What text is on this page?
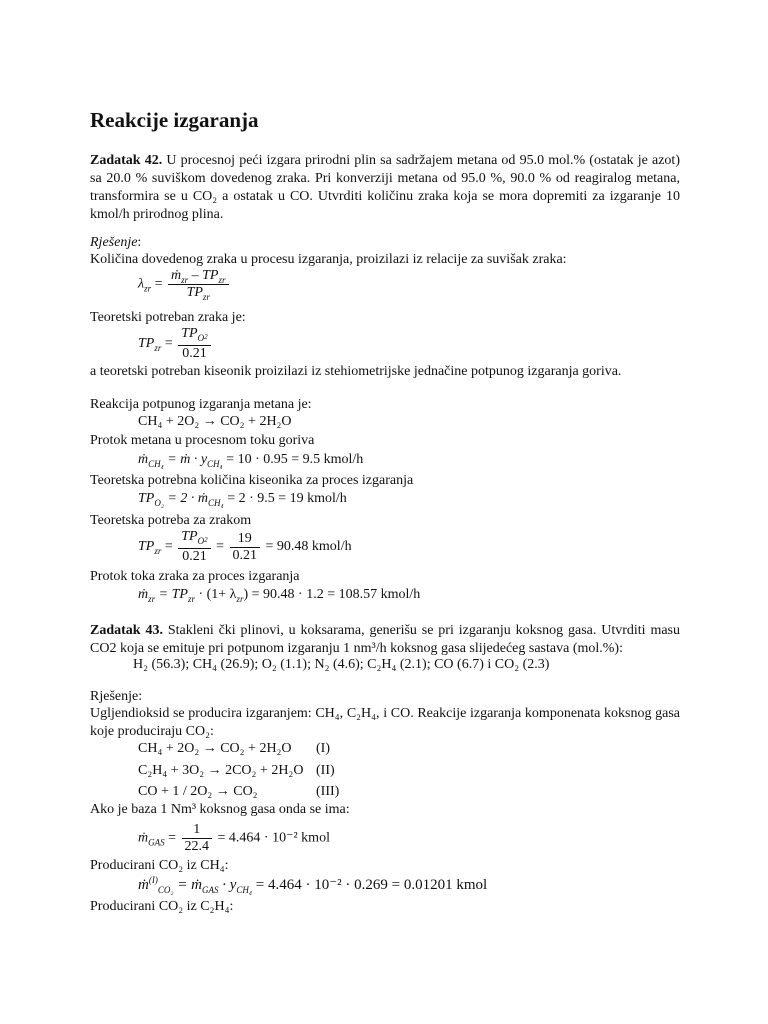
Reakcije izgaranja
Zadatak 42. U procesnoj peći izgara prirodni plin sa sadržajem metana od 95.0 mol.% (ostatak je azot) sa 20.0 % suviškom dovedenog zraka. Pri konverziji metana od 95.0 %, 90.0 % od reagiralog metana, transformira se u CO₂ a ostatak u CO. Utvrditi količinu zraka koja se mora dopremiti za izgaranje 10 kmol/h prirodnog plina.
Rješenje:
Količina dovedenog zraka u procesu izgaranja, proizilazi iz relacije za suvišak zraka:
$\lambda_{zr} = \frac{ṁ_{zr} - TP_{zr}}{TP_{zr}}$
Teoretski potreban zraka je:
$TP_{zr} = \frac{TP_O2}{0.21}$
a teoretski potreban kiseonik proizilazi iz stehiometrijske jednačine potpunog izgaranja goriva.
Reakcija potpunog izgaranja metana je:
CH₄ + 2O₂ → CO₂ + 2H₂O
Protok metana u procesnom toku goriva
ṁ$_{CH_4}$ = ṁ · $y_{CH_4} = 10 \cdot 0.95 = 9.5$ kmol/h
Teoretska potrebna količina kiseonika za proces izgaranja
$TP_{O_2} = 2$ · ṁ$_{CH_4}$ = 2 · 9.5 = 19 kmol/h
Teoretska potreba za zrakom
$TP_{zr} = \frac{TP_O2}{0.21} = \frac{19}{0.21} = 90.48$ kmol/h
Protok toka zraka za proces izgaranja
ṁ$_{zr}$ = $TP_{zr} \cdot (1+ \lambda_{zr}) = 90.48 \cdot 1.2 = 108.57$ kmol/h
Zadatak 43. Stakleni čki plinovi, u koksarama, generišu se pri izgaranju koksnog gasa. Utvrditi masu CO2 koja se emituje pri potpunom izgaranju 1 nm³/h koksnog gasa slijedećeg sastava (mol.%):
H₂ (56.3); CH₄ (26.9); O₂ (1.1); N₂ (4.6); C₂H₄ (2.1); CO (6.7) i CO₂ (2.3)
Rješenje:
Ugljendioksid se producira izgaranjem: CH₄, C₂H₄, i CO. Reakcije izgaranja komponenata koksnog gasa koje produciraju CO₂:
CH₄ + 2O₂ → CO₂ + 2H₂O (I)
C₂H₄ + 3O₂ → 2CO₂ + 2H₂O (II)
CO + 1 / 2O₂ → CO₂	(III)
Ako je baza 1 Nm³ koksnog gasa onda se ima:
ṁ$_{GAS}$ = $\frac{1}{22.4} = 4.464 \cdot 10^{-2}$ kmol
Producirani CO₂ iz CH₄:
ṁ$^{(I)}_{CO_2}$ = ṁ$_{GAS}$ · $y_{CH_4} = 4.464 \cdot 10^{-2} \cdot 0.269 = 0.01201$ kmol
Producirani CO₂ iz C₂H₄:
